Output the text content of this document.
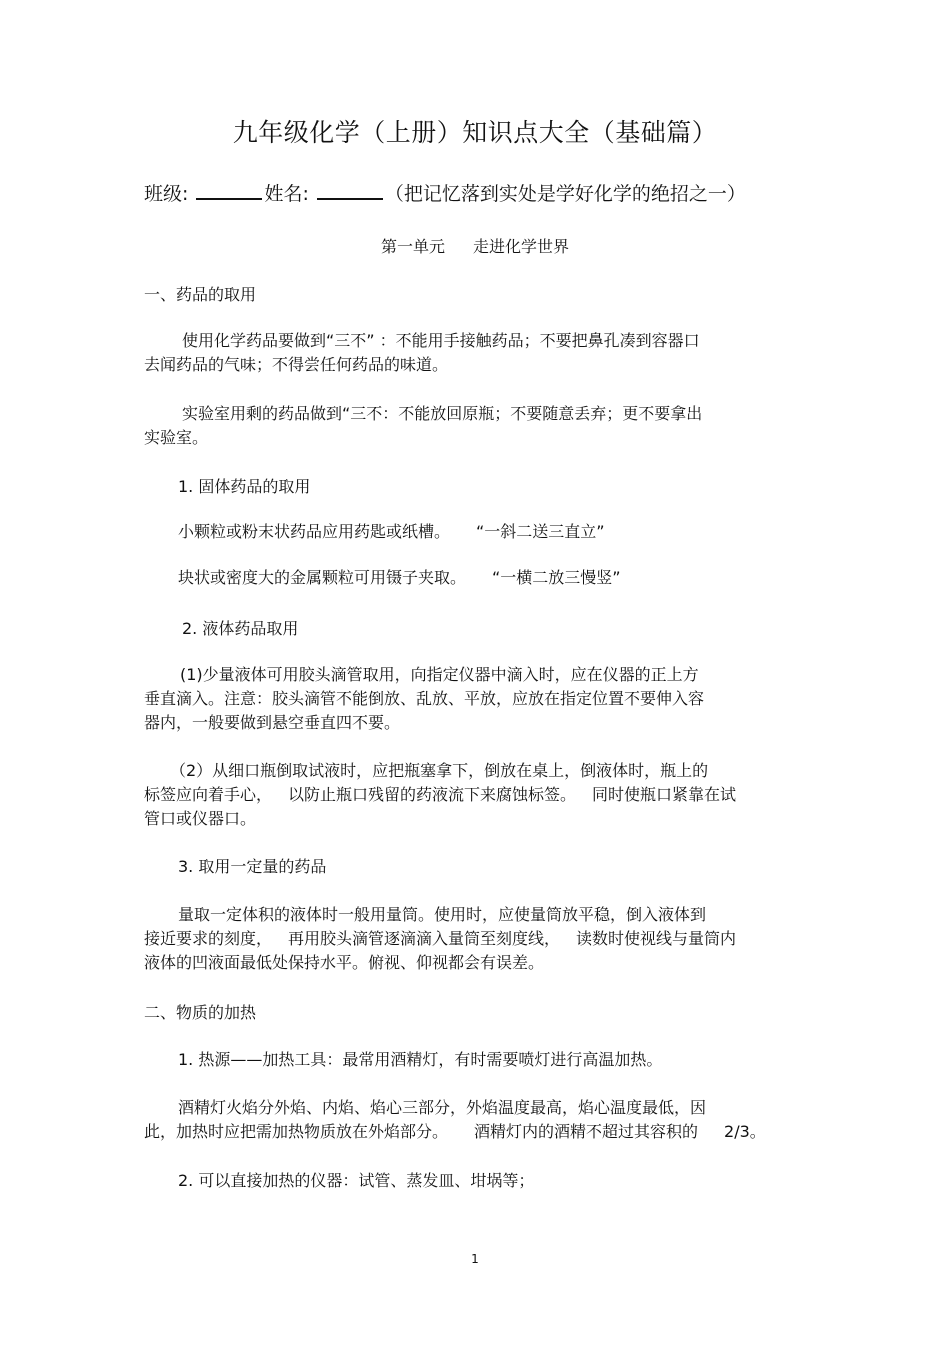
九年级化学（上册）知识点大全（基础篇）
班级:	姓名:	（把记忆落到实处是学好化学的绝招之一）
第一单元 走进化学世界
一、药品的取用
使用化学药品要做到“三不” ：不能用手接触药品；不要把鼻孔凑到容器口
去闻药品的气味；不得尝任何药品的味道。
实验室用剩的药品做到“三不：不能放回原瓶；不要随意丢弃；更不要拿出
实验室。
1. 固体药品的取用
小颗粒或粉末状药品应用药匙或纸槽。 “一斜二送三直立”
块状或密度大的金属颗粒可用镊子夹取。 “一横二放三慢竖”
2. 液体药品取用
(1)少量液体可用胶头滴管取用，向指定仪器中滴入时，应在仪器的正上方
垂直滴入。注意：胶头滴管不能倒放、乱放、平放，应放在指定位置不要伸入容
器内，一般要做到悬空垂直四不要。
（2）从细口瓶倒取试液时，应把瓶塞拿下，倒放在桌上，倒液体时，瓶上的
标签应向着手心， 以防止瓶口残留的药液流下来腐蚀标签。 同时使瓶口紧靠在试
管口或仪器口。
3. 取用一定量的药品
量取一定体积的液体时一般用量筒。使用时，应使量筒放平稳，倒入液体到
接近要求的刻度， 再用胶头滴管逐滴滴入量筒至刻度线， 读数时使视线与量筒内
液体的凹液面最低处保持水平。俯视、仰视都会有误差。
二、物质的加热
1. 热源——加热工具：最常用酒精灯，有时需要喷灯进行高温加热。
酒精灯火焰分外焰、内焰、焰心三部分，外焰温度最高，焰心温度最低，因
此，加热时应把需加热物质放在外焰部分。 酒精灯内的酒精不超过其容积的 2/3。
2. 可以直接加热的仪器：试管、蒸发皿、坩埚等；
1
